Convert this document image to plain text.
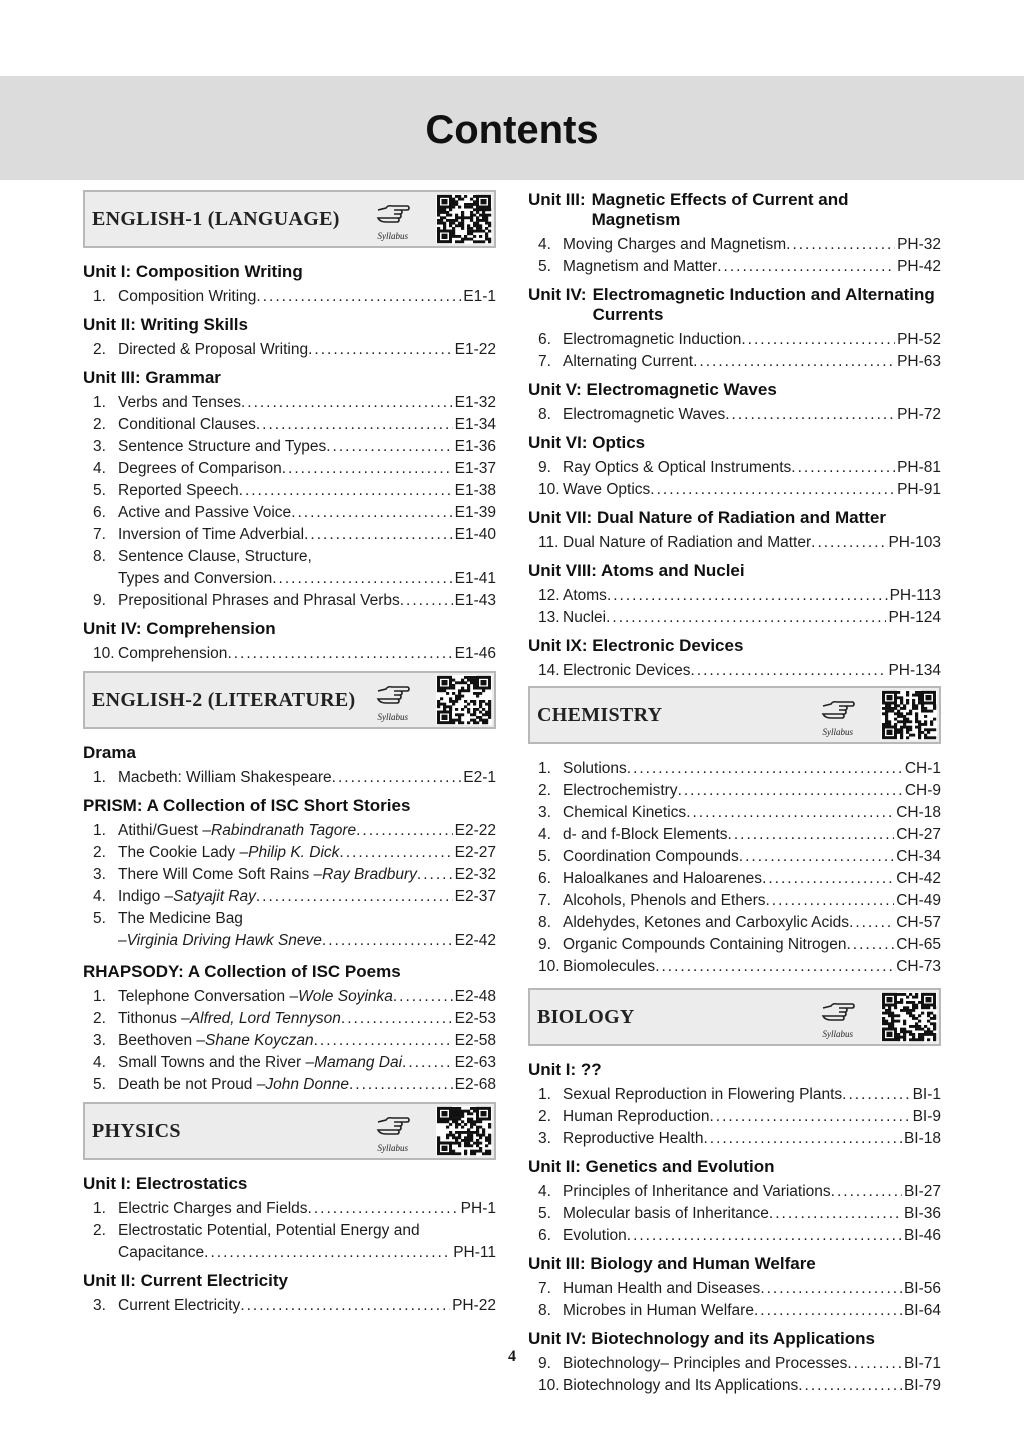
Contents
ENGLISH-1 (LANGUAGE)
Syllabus
Unit I: Composition Writing
1. Composition Writing .....	E1-1
Unit II: Writing Skills
2. Directed & Proposal Writing .....	E1-22
Unit III: Grammar
1. Verbs and Tenses .....	E1-32
2. Conditional Clauses .....	E1-34
3. Sentence Structure and Types .....	E1-36
4. Degrees of Comparison .....	E1-37
5. Reported Speech .....	E1-38
6. Active and Passive Voice .....	E1-39
7. Inversion of Time Adverbial .....	E1-40
8. Sentence Clause, Structure,
Types and Conversion .....	E1-41
9. Prepositional Phrases and Phrasal Verbs .....	E1-43
Unit IV: Comprehension
10. Comprehension .....	E1-46
ENGLISH-2 (LITERATURE)
Syllabus
Drama
1. Macbeth: William Shakespeare .....	E2-1
PRISM: A Collection of ISC Short Stories
1. Atithi/Guest –Rabindranath Tagore .....	E2-22
2. The Cookie Lady –Philip K. Dick .....	E2-27
3. There Will Come Soft Rains –Ray Bradbury ..... E2-32
4. Indigo –Satyajit Ray .....	E2-37
5. The Medicine Bag
–Virginia Driving Hawk Sneve .....	E2-42
RHAPSODY: A Collection of ISC Poems
1. Telephone Conversation –Wole Soyinka .....	E2-48
2. Tithonus –Alfred, Lord Tennyson .....	E2-53
3. Beethoven –Shane Koyczan .....	E2-58
4. Small Towns and the River –Mamang Dai .....	E2-63
5. Death be not Proud –John Donne .....	E2-68
PHYSICS
Syllabus
Unit I: Electrostatics
1. Electric Charges and Fields .....	PH-1
2. Electrostatic Potential, Potential Energy and
Capacitance .....	PH-11
Unit II: Current Electricity
3. Current Electricity .....	PH-22
Unit III: Magnetic Effects of Current and
Magnetism
4. Moving Charges and Magnetism .....	PH-32
5. Magnetism and Matter .....	PH-42
Unit IV: Electromagnetic Induction and Alternating
Currents
6. Electromagnetic Induction .....	PH-52
7. Alternating Current .....	PH-63
Unit V: Electromagnetic Waves
8. Electromagnetic Waves .....	PH-72
Unit VI: Optics
9. Ray Optics & Optical Instruments .....	PH-81
10. Wave Optics .....	PH-91
Unit VII: Dual Nature of Radiation and Matter
11. Dual Nature of Radiation and Matter .....	PH-103
Unit VIII: Atoms and Nuclei
12. Atoms .....	PH-113
13. Nuclei .....	PH-124
Unit IX: Electronic Devices
14. Electronic Devices .....	PH-134
CHEMISTRY
Syllabus
1. Solutions .....	CH-1
2. Electrochemistry .....	CH-9
3. Chemical Kinetics .....	CH-18
4. d- and f-Block Elements .....	CH-27
5. Coordination Compounds .....	CH-34
6. Haloalkanes and Haloarenes .....	CH-42
7. Alcohols, Phenols and Ethers .....	CH-49
8. Aldehydes, Ketones and Carboxylic Acids .....	CH-57
9. Organic Compounds Containing Nitrogen .....	CH-65
10. Biomolecules .....	CH-73
BIOLOGY
Syllabus
Unit I: ??
1. Sexual Reproduction in Flowering Plants .....	BI-1
2. Human Reproduction .....	BI-9
3. Reproductive Health .....	BI-18
Unit II: Genetics and Evolution
4. Principles of Inheritance and Variations .....	BI-27
5. Molecular basis of Inheritance .....	BI-36
6. Evolution .....	BI-46
Unit III: Biology and Human Welfare
7. Human Health and Diseases .....	BI-56
8. Microbes in Human Welfare .....	BI-64
Unit IV: Biotechnology and its Applications
9. Biotechnology– Principles and Processes .....	BI-71
10. Biotechnology and Its Applications .....	BI-79
4
